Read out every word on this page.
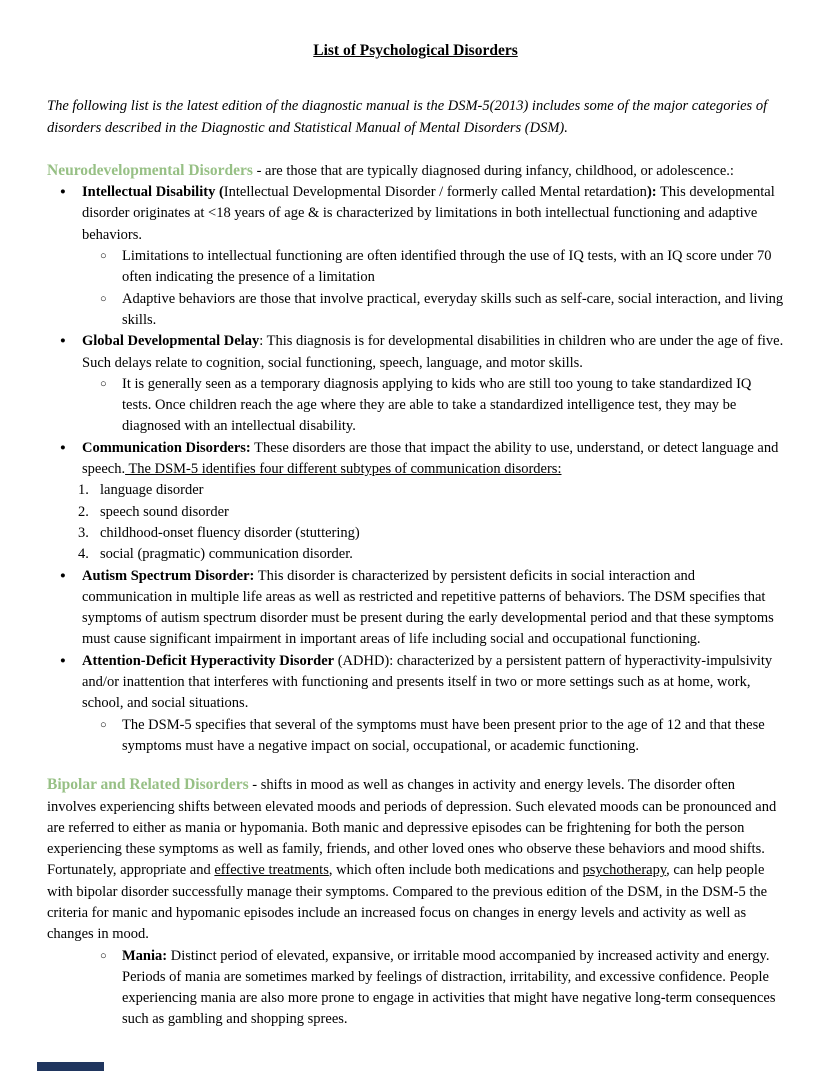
List of Psychological Disorders

The following list is the latest edition of the diagnostic manual is the DSM-5(2013) includes some of the major categories of disorders described in the Diagnostic and Statistical Manual of Mental Disorders (DSM).

Neurodevelopmental Disorders - are those that are typically diagnosed during infancy, childhood, or adolescence.:

●	Intellectual Disability (Intellectual Developmental Disorder / formerly called Mental retardation): This developmental disorder originates at <18 years of age & is characterized by limitations in both intellectual functioning and adaptive behaviors.
○	Limitations to intellectual functioning are often identified through the use of IQ tests, with an IQ score under 70 often indicating the presence of a limitation
○	Adaptive behaviors are those that involve practical, everyday skills such as self-care, social interaction, and living skills.
●	Global Developmental Delay: This diagnosis is for developmental disabilities in children who are under the age of five. Such delays relate to cognition, social functioning, speech, language, and motor skills.
○	It is generally seen as a temporary diagnosis applying to kids who are still too young to take standardized IQ tests. Once children reach the age where they are able to take a standardized intelligence test, they may be diagnosed with an intellectual disability.
●	Communication Disorders: These disorders are those that impact the ability to use, understand, or detect language and speech. The DSM-5 identifies four different subtypes of communication disorders:
1. language disorder
2. speech sound disorder
3. childhood-onset fluency disorder (stuttering)
4. social (pragmatic) communication disorder.
●	Autism Spectrum Disorder: This disorder is characterized by persistent deficits in social interaction and communication in multiple life areas as well as restricted and repetitive patterns of behaviors. The DSM specifies that symptoms of autism spectrum disorder must be present during the early developmental period and that these symptoms must cause significant impairment in important areas of life including social and occupational functioning.
●	Attention-Deficit Hyperactivity Disorder (ADHD): characterized by a persistent pattern of hyperactivity-impulsivity and/or inattention that interferes with functioning and presents itself in two or more settings such as at home, work, school, and social situations.
○	The DSM-5 specifies that several of the symptoms must have been present prior to the age of 12 and that these symptoms must have a negative impact on social, occupational, or academic functioning.

Bipolar and Related Disorders - shifts in mood as well as changes in activity and energy levels. The disorder often involves experiencing shifts between elevated moods and periods of depression. Such elevated moods can be pronounced and are referred to either as mania or hypomania. Both manic and depressive episodes can be frightening for both the person experiencing these symptoms as well as family, friends, and other loved ones who observe these behaviors and mood shifts. Fortunately, appropriate and effective treatments, which often include both medications and psychotherapy, can help people with bipolar disorder successfully manage their symptoms. Compared to the previous edition of the DSM, in the DSM-5 the criteria for manic and hypomanic episodes include an increased focus on changes in energy levels and activity as well as changes in mood.

○	Mania: Distinct period of elevated, expansive, or irritable mood accompanied by increased activity and energy. Periods of mania are sometimes marked by feelings of distraction, irritability, and excessive confidence. People experiencing mania are also more prone to engage in activities that might have negative long-term consequences such as gambling and shopping sprees.
